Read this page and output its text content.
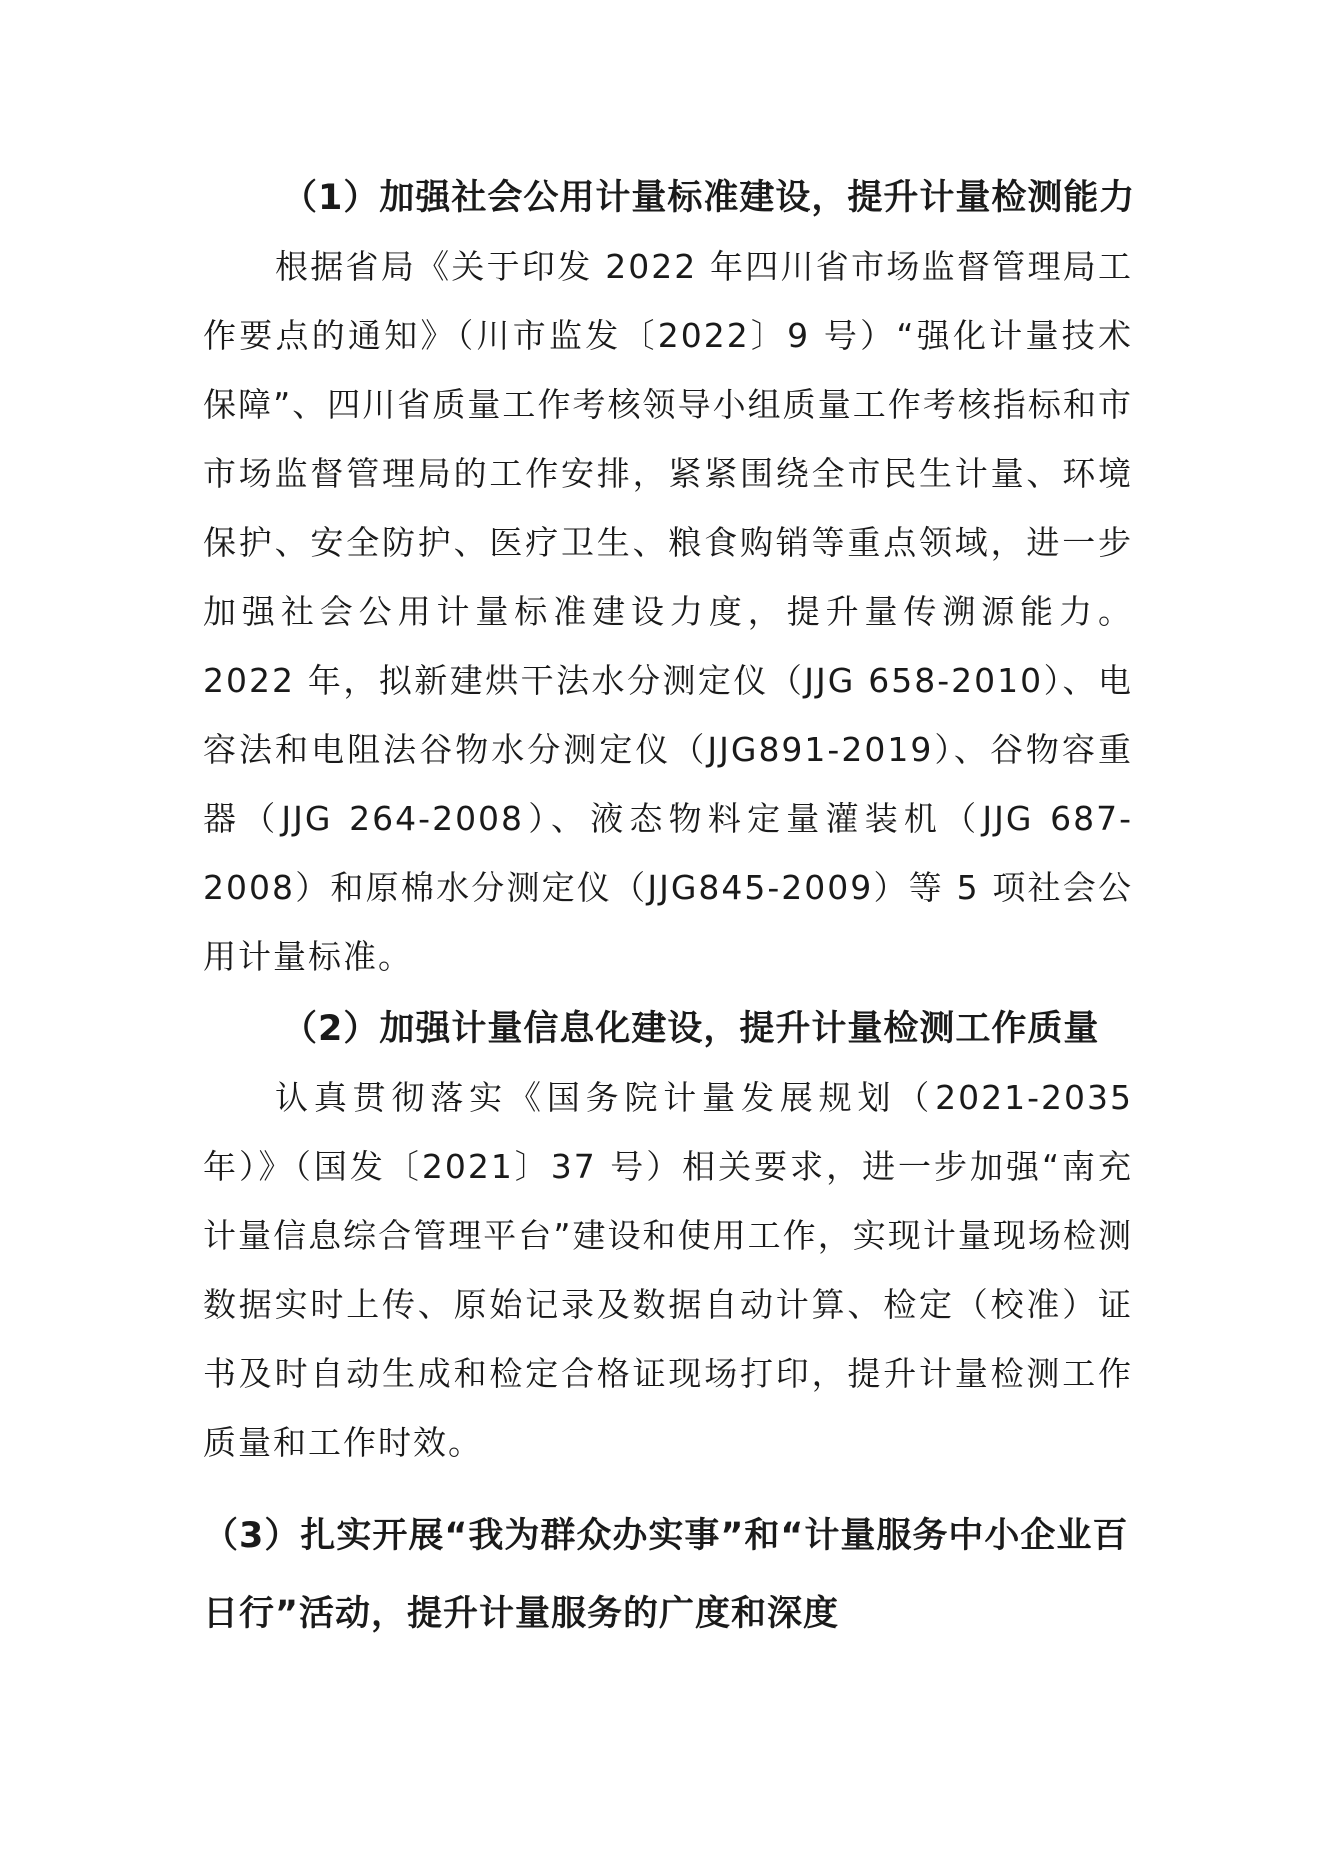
（1）加强社会公用计量标准建设，提升计量检测能力

根据省局《关于印发 2022 年四川省市场监督管理局工作要点的通知》（川市监发〔2022〕9 号）“强化计量技术保障”、四川省质量工作考核领导小组质量工作考核指标和市市场监督管理局的工作安排，紧紧围绕全市民生计量、环境保护、安全防护、医疗卫生、粮食购销等重点领域，进一步加强社会公用计量标准建设力度，提升量传溯源能力。2022 年，拟新建烘干法水分测定仪（JJG 658-2010）、电容法和电阻法谷物水分测定仪（JJG891-2019）、谷物容重器（JJG 264-2008）、液态物料定量灌装机（JJG 687-2008）和原棉水分测定仪（JJG845-2009）等 5 项社会公用计量标准。

（2）加强计量信息化建设，提升计量检测工作质量

认真贯彻落实《国务院计量发展规划（2021-2035 年）》（国发〔2021〕37 号）相关要求，进一步加强“南充计量信息综合管理平台”建设和使用工作，实现计量现场检测数据实时上传、原始记录及数据自动计算、检定（校准）证书及时自动生成和检定合格证现场打印，提升计量检测工作质量和工作时效。

（3）扎实开展“我为群众办实事”和“计量服务中小企业百日行”活动，提升计量服务的广度和深度
